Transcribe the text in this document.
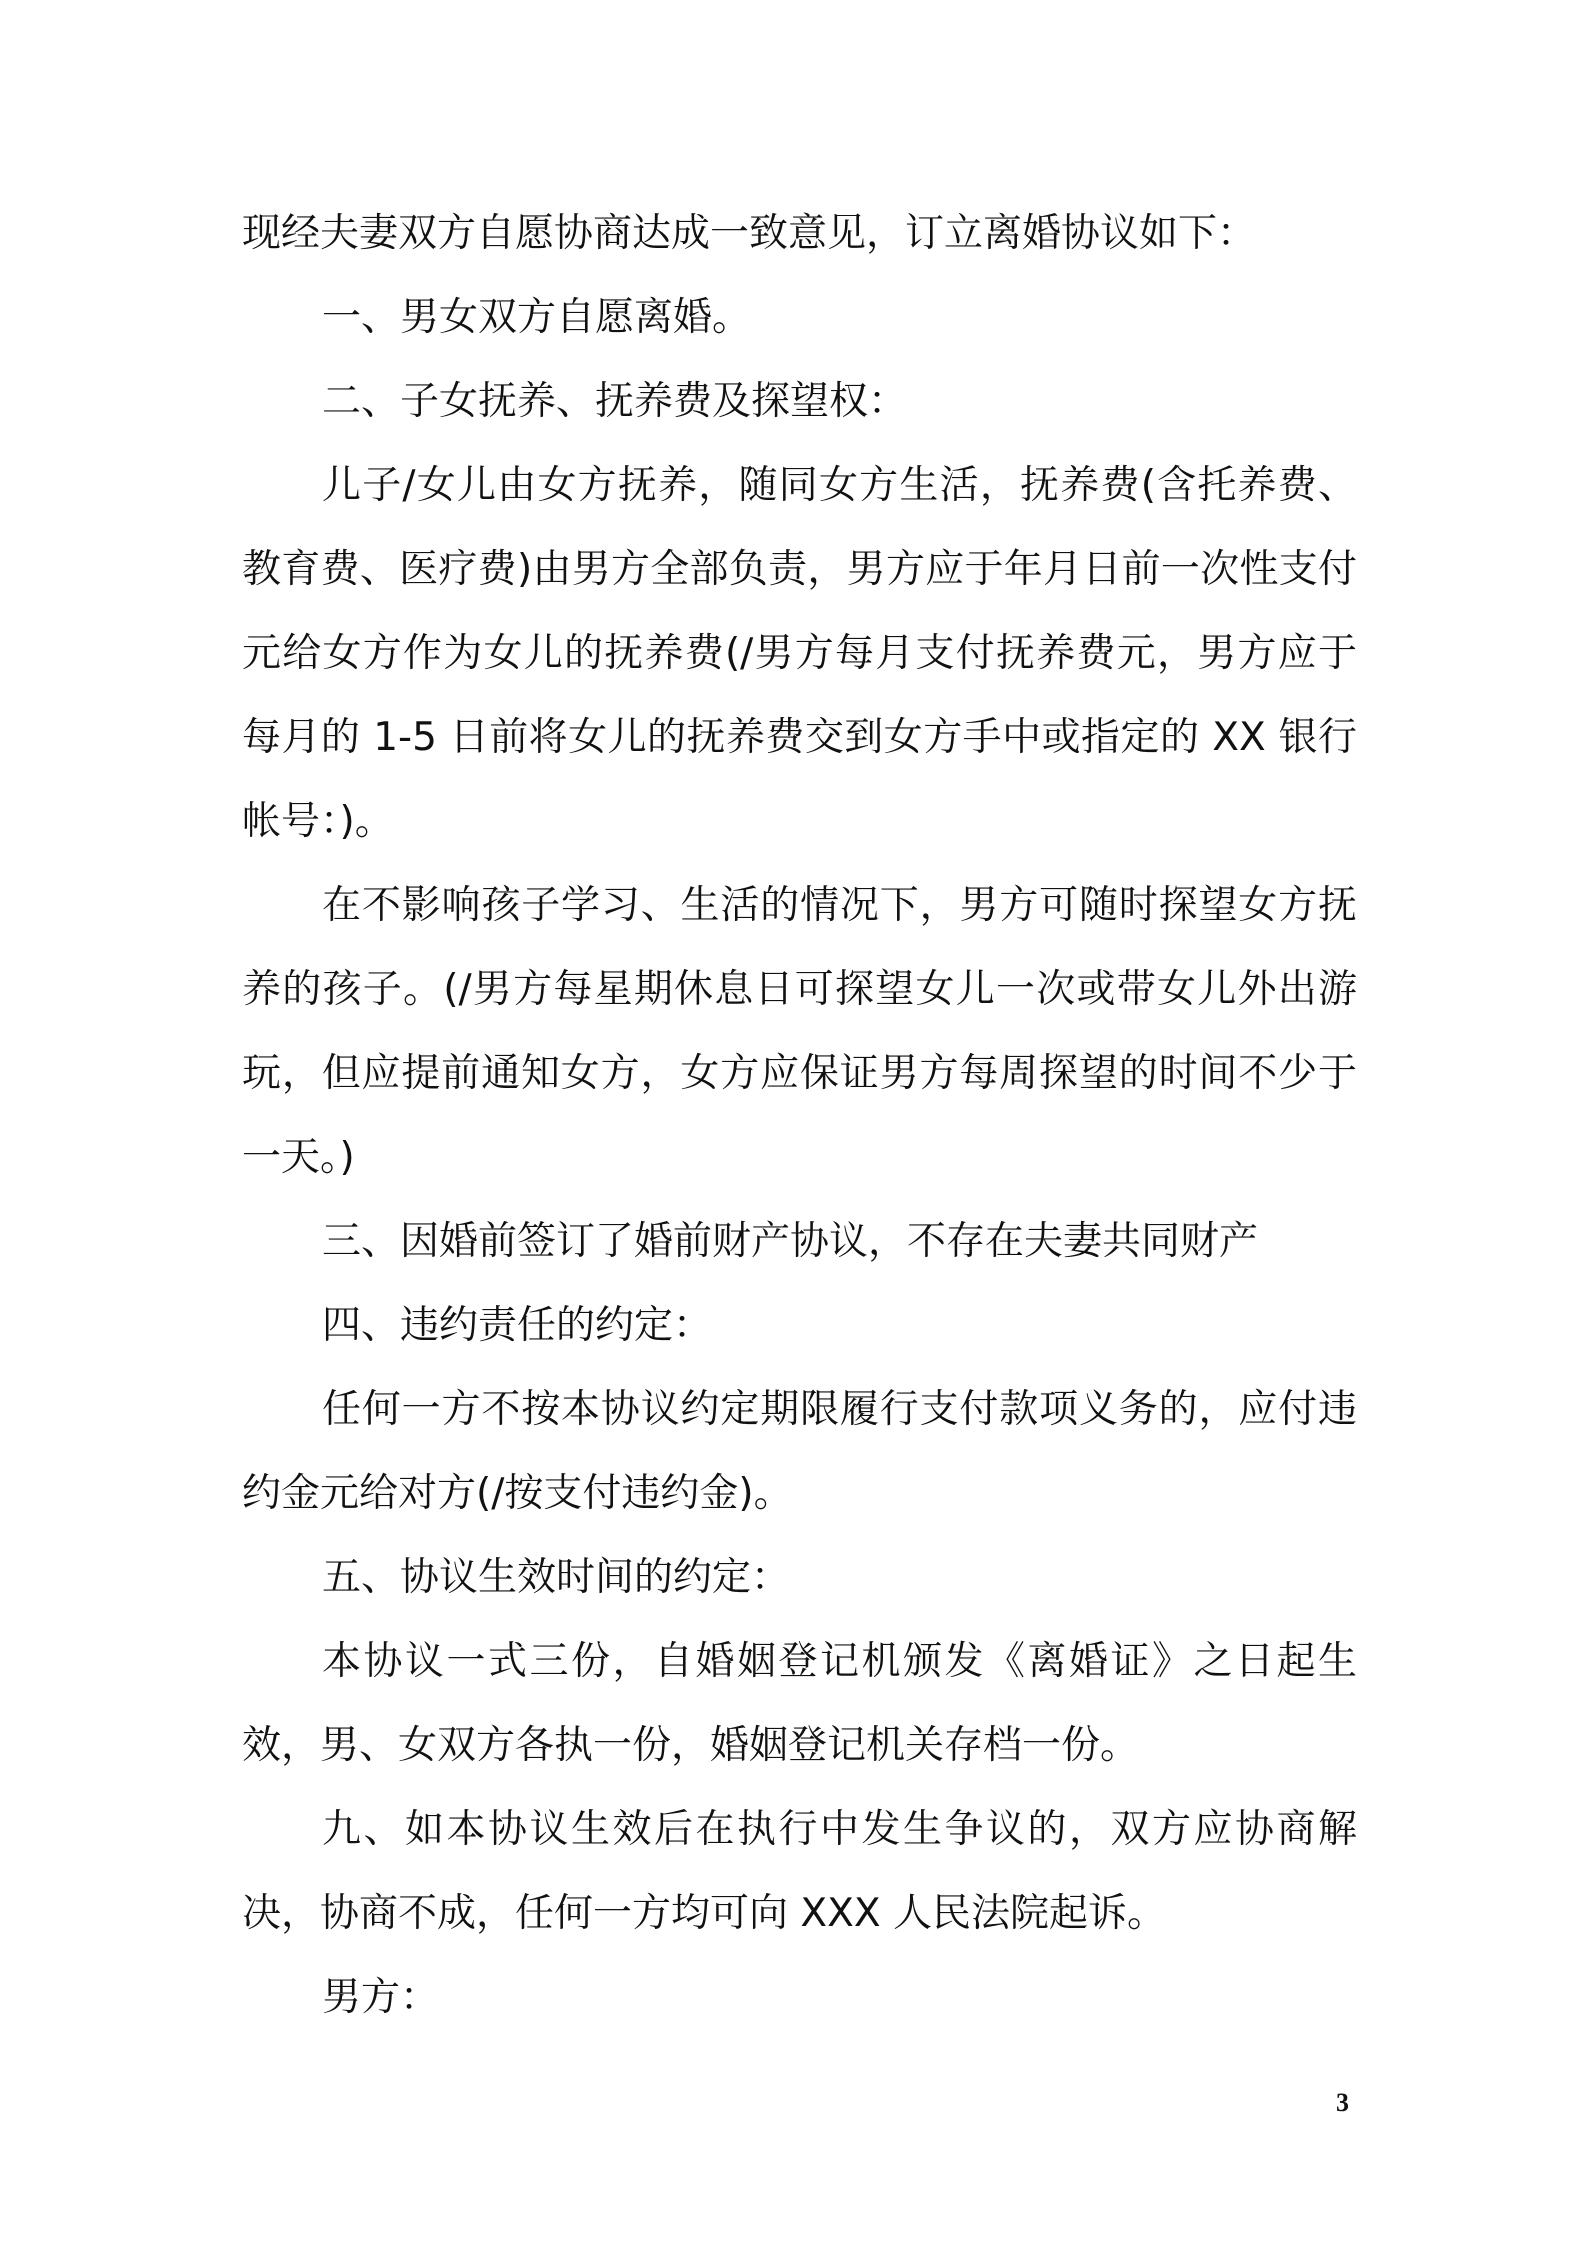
现经夫妻双方自愿协商达成一致意见，订立离婚协议如下：

一、男女双方自愿离婚。

二、子女抚养、抚养费及探望权：

儿子/女儿由女方抚养，随同女方生活，抚养费(含托养费、教育费、医疗费)由男方全部负责，男方应于年月日前一次性支付元给女方作为女儿的抚养费(/男方每月支付抚养费元，男方应于每月的 1-5 日前将女儿的抚养费交到女方手中或指定的 XX 银行帐号：)。

在不影响孩子学习、生活的情况下，男方可随时探望女方抚养的孩子。(/男方每星期休息日可探望女儿一次或带女儿外出游玩，但应提前通知女方，女方应保证男方每周探望的时间不少于一天。)

三、因婚前签订了婚前财产协议，不存在夫妻共同财产

四、违约责任的约定：

任何一方不按本协议约定期限履行支付款项义务的，应付违约金元给对方(/按支付违约金)。

五、协议生效时间的约定：

本协议一式三份，自婚姻登记机颁发《离婚证》之日起生效，男、女双方各执一份，婚姻登记机关存档一份。

九、如本协议生效后在执行中发生争议的，双方应协商解决，协商不成，任何一方均可向 XXX 人民法院起诉。

男方：

3
